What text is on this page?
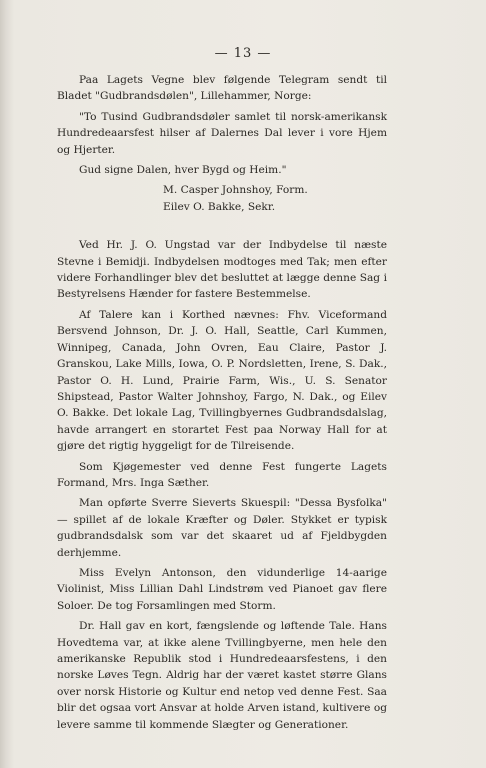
— 13 —

Paa Lagets Vegne blev følgende Telegram sendt til Bladet "Gudbrandsdølen", Lillehammer, Norge:

"To Tusind Gudbrandsdøler samlet til norsk-amerikansk Hundredeaarsfest hilser af Dalernes Dal lever i vore Hjem og Hjerter.

Gud signe Dalen, hver Bygd og Heim."

M. Casper Johnshoy, Form.
Eilev O. Bakke, Sekr.

Ved Hr. J. O. Ungstad var der Indbydelse til næste Stevne i Bemidji. Indbydelsen modtoges med Tak; men efter videre Forhandlinger blev det besluttet at lægge denne Sag i Bestyrelsens Hænder for fastere Bestemmelse.

Af Talere kan i Korthed nævnes: Fhv. Viceformand Bersvend Johnson, Dr. J. O. Hall, Seattle, Carl Kummen, Winnipeg, Canada, John Ovren, Eau Claire, Pastor J. Granskou, Lake Mills, Iowa, O. P. Nordsletten, Irene, S. Dak., Pastor O. H. Lund, Prairie Farm, Wis., U. S. Senator Shipstead, Pastor Walter Johnshoy, Fargo, N. Dak., og Eilev O. Bakke. Det lokale Lag, Tvillingbyernes Gudbrandsdalslag, havde arrangert en storartet Fest paa Norway Hall for at gjøre det rigtig hyggeligt for de Tilreisende.

Som Kjøgemester ved denne Fest fungerte Lagets Formand, Mrs. Inga Sæther.

Man opførte Sverre Sieverts Skuespil: "Dessa Bysfolka" — spillet af de lokale Kræfter og Døler. Stykket er typisk gudbrandsdalsk som var det skaaret ud af Fjeldbygden derhjemme.

Miss Evelyn Antonson, den vidunderlige 14-aarige Violinist, Miss Lillian Dahl Lindstrøm ved Pianoet gav flere Soloer. De tog Forsamlingen med Storm.

Dr. Hall gav en kort, fængslende og løftende Tale. Hans Hovedtema var, at ikke alene Tvillingbyerne, men hele den amerikanske Republik stod i Hundredeaarsfestens, i den norske Løves Tegn. Aldrig har der været kastet større Glans over norsk Historie og Kultur end netop ved denne Fest. Saa blir det ogsaa vort Ansvar at holde Arven istand, kultivere og levere samme til kommende Slægter og Generationer.
